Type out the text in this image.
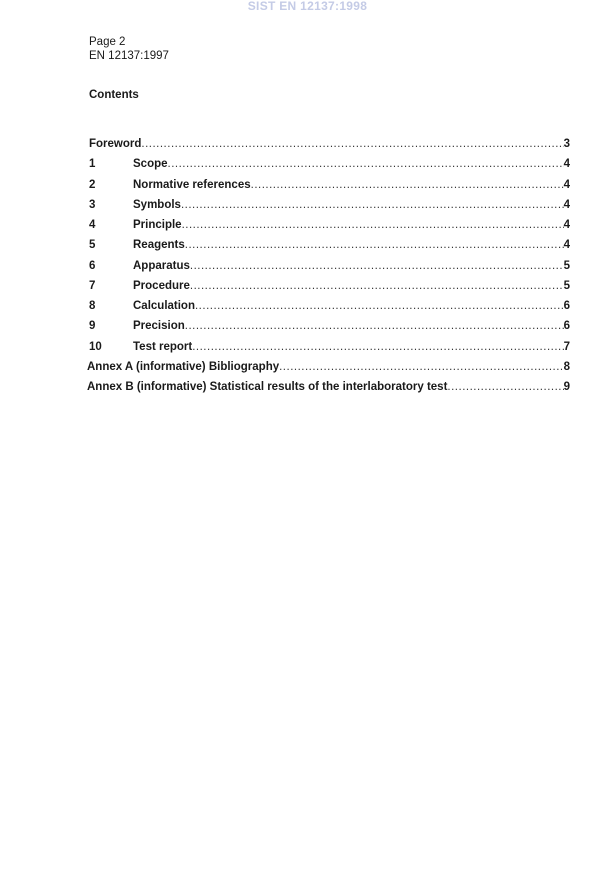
SIST EN 12137:1998
Page 2
EN 12137:1997
Contents
Foreword .....	3
1	Scope .....	4
2	Normative references .....	4
3	Symbols .....	4
4	Principle .....	4
5	Reagents .....	4
6	Apparatus .....	5
7	Procedure .....	5
8	Calculation .....	6
9	Precision .....	6
10	Test report .....	7
Annex A (informative) Bibliography .....	8
Annex B (informative) Statistical results of the interlaboratory test .....	9
